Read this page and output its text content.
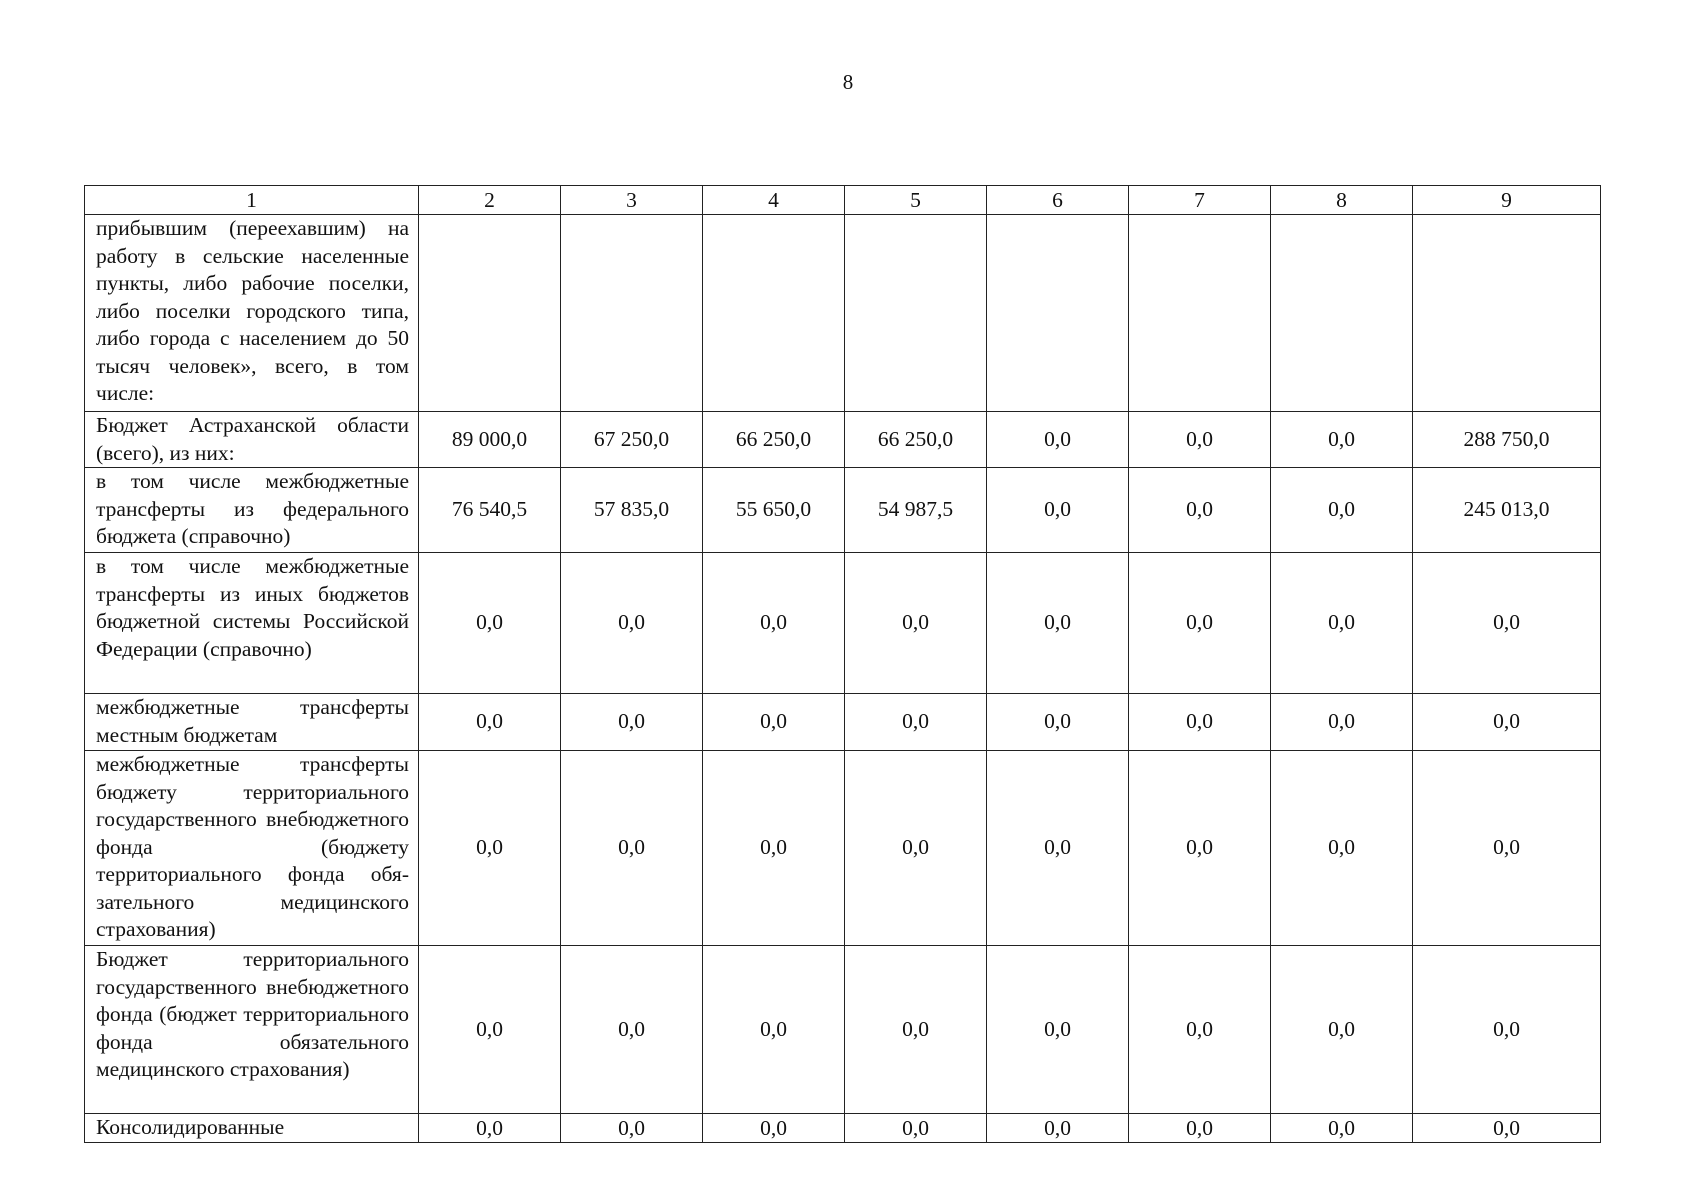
8
1	2	3	4	5	6	7	8	9
прибывшим (переехавшим) на работу в сельские населенные пункты, либо рабочие поселки, либо поселки городского типа, либо города с населением до 50 тысяч человек», всего, в том числе:								
Бюджет Астраханской области (всего), из них:	89 000,0	67 250,0	66 250,0	66 250,0	0,0	0,0	0,0	288 750,0
в том числе межбюджетные трансферты из федерального бюджета (справочно)	76 540,5	57 835,0	55 650,0	54 987,5	0,0	0,0	0,0	245 013,0
в том числе межбюджетные трансферты из иных бюджетов бюджетной системы Российской Федерации (справочно)	0,0	0,0	0,0	0,0	0,0	0,0	0,0	0,0
межбюджетные трансферты местным бюджетам	0,0	0,0	0,0	0,0	0,0	0,0	0,0	0,0
межбюджетные трансферты бюджету территориального государственного внебюджетного фонда (бюджету территориального фонда обязательного медицинского страхования)	0,0	0,0	0,0	0,0	0,0	0,0	0,0	0,0
Бюджет территориального государственного внебюджетного фонда (бюджет территориального фонда обязательного медицинского страхования)	0,0	0,0	0,0	0,0	0,0	0,0	0,0	0,0
Консолидированные	0,0	0,0	0,0	0,0	0,0	0,0	0,0	0,0
